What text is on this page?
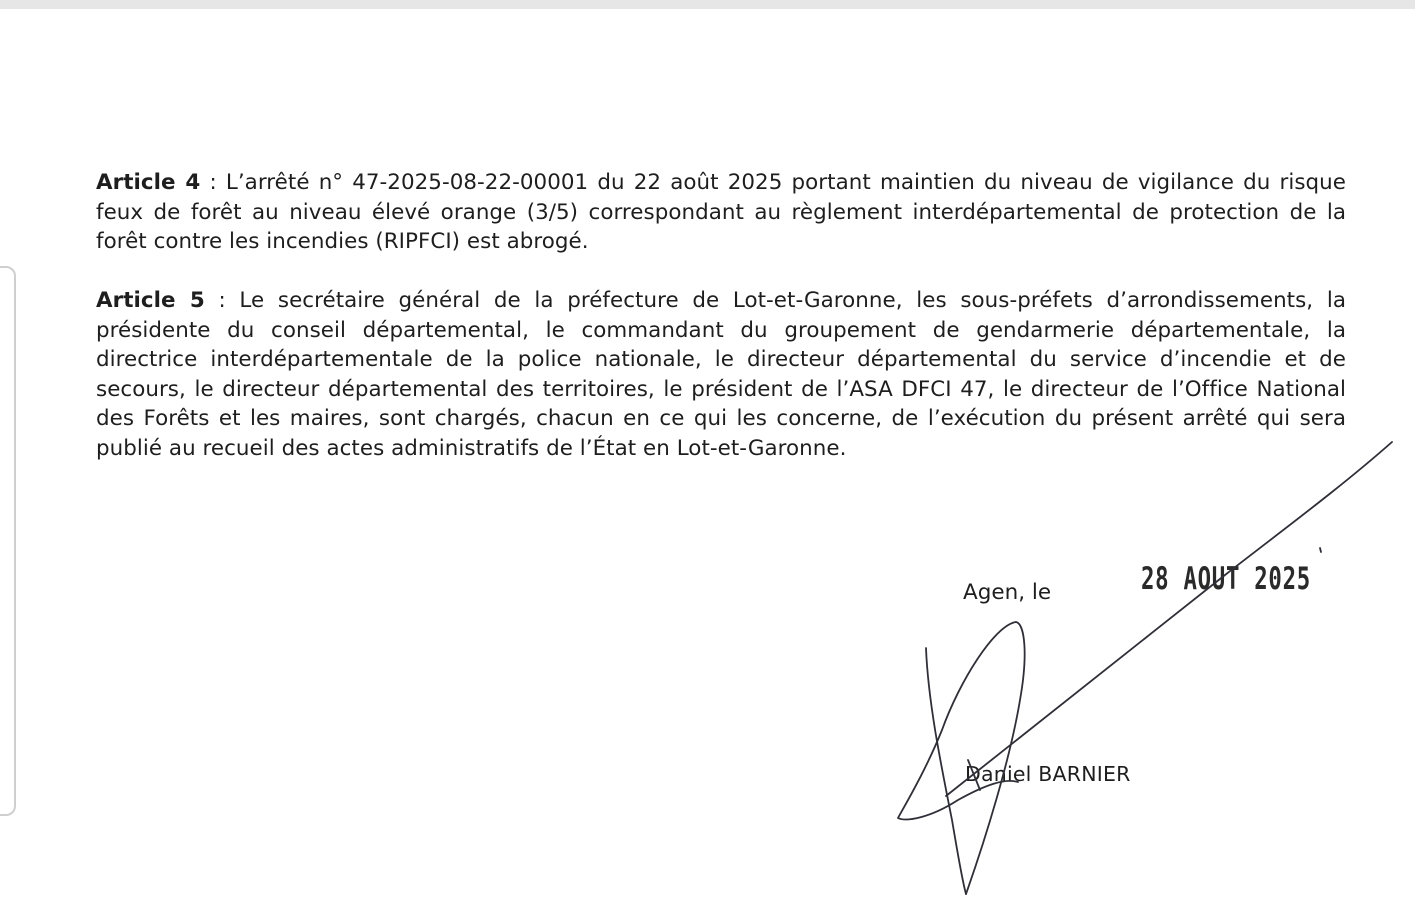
Article 4 : L’arrêté n° 47-2025-08-22-00001 du 22 août 2025 portant maintien du niveau de vigilance du risque feux de forêt au niveau élevé orange (3/5) correspondant au règlement interdépartemental de protection de la forêt contre les incendies (RIPFCI) est abrogé.

Article 5 : Le secrétaire général de la préfecture de Lot-et-Garonne, les sous-préfets d’arrondissements, la présidente du conseil départemental, le commandant du groupement de gendarmerie départementale, la directrice interdépartementale de la police nationale, le directeur départemental du service d’incendie et de secours, le directeur départemental des territoires, le président de l’ASA DFCI 47, le directeur de l’Office National des Forêts et les maires, sont chargés, chacun en ce qui les concerne, de l’exécution du présent arrêté qui sera publié au recueil des actes administratifs de l’État en Lot-et-Garonne.

Agen, le	28 AOUT 2025
Daniel BARNIER
